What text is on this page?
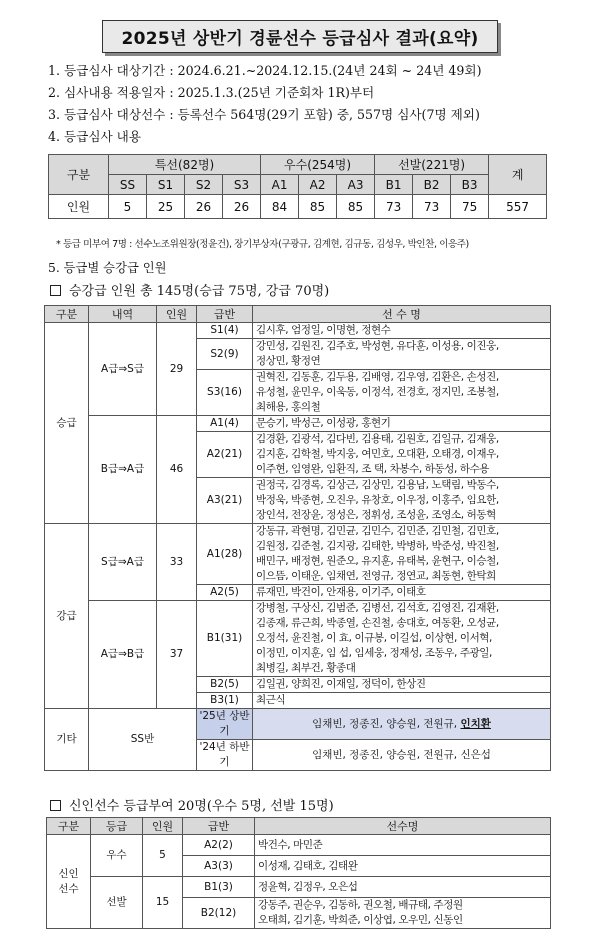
2025년 상반기 경륜선수 등급심사 결과(요약)
1. 등급심사 대상기간 : 2024.6.21.~2024.12.15.(24년 24회 ~ 24년 49회)
2. 심사내용 적용일자 : 2025.1.3.(25년 기준회차 1R)부터
3. 등급심사 대상선수 : 등록선수 564명(29기 포함) 중, 557명 심사(7명 제외)
4. 등급심사 내용
구분	특선(82명)				우수(254명)			선발(221명)			계
	SS	S1	S2	S3	A1	A2	A3	B1	B2	B3	
인원	5	25	26	26	84	85	85	73	73	75	557
* 등급 미부여 7명 : 선수노조위원장(정윤건), 장기부상자(구광규, 김계현, 김규동, 김성우, 박인찬, 이응주)
5. 등급별 승강급 인원
승강급 인원 총 145명(승급 75명, 강급 70명)
구분	내역	인원	급반	선 수 명
승급	A급⇒S급	29	S1(4)	김시후, 엄정일, 이명현, 정현수

			S2(9)	강민성, 김원진, 김주호, 박성현, 유다훈, 이성용, 이진웅,
정상민, 황정연

			S3(16)	권혁진, 김동훈, 김두용, 김배영, 김우영, 김환은, 손성진,
유성철, 윤민우, 이욱동, 이정석, 전경호, 정지민, 조봉철,
최해용, 홍의철

	B급⇒A급	46	A1(4)	문승기, 박성근, 이성광, 홍현기

			A2(21)	김경환, 김광석, 김다빈, 김용태, 김원호, 김일규, 김재웅,
김지훈, 김학철, 박지웅, 여민호, 오대환, 오태경, 이재우,
이주현, 임영완, 임환직, 조 택, 차봉수, 하동성, 하수용

			A3(21)	권정국, 김경록, 김상근, 김상민, 김용남, 노택림, 박동수,
박정욱, 박종현, 오진우, 유창호, 이우정, 이홍주, 임요한,
장인석, 전장윤, 정성은, 정휘성, 조성윤, 조영소, 허동혁

강급	S급⇒A급	33	A1(28)	강동규, 곽현명, 김민균, 김민수, 김민준, 김민철, 김민호,
김원정, 김준철, 김지광, 김태한, 박병하, 박준성, 박진철,
배민구, 배정현, 원준오, 유지훈, 유태복, 윤현구, 이승철,
이으뜸, 이태운, 임채연, 전영규, 정연교, 최동현, 한탁희

			A2(5)	류재민, 박건이, 안재용, 이기주, 이태호

	A급⇒B급	37	B1(31)	강병철, 구상신, 김범준, 김병선, 김석호, 김영진, 김재환,
김종재, 류근희, 박종열, 손진철, 송대호, 여동환, 오성균,
오정석, 윤진철, 이 효, 이규봉, 이길섭, 이상현, 이서혁,
이정민, 이지훈, 임 섭, 임세웅, 정재성, 조동우, 주광일,
최병길, 최부건, 황종대

			B2(5)	김일권, 양희진, 이재일, 정덕이, 한상진

			B3(1)	최근식

기타	SS반		'25년 상반기	임채빈, 정종진, 양승원, 전원규, 인치환
			'24년 하반기	임채빈, 정종진, 양승원, 전원규, 신은섭
신인선수 등급부여 20명(우수 5명, 선발 15명)
구분	등급	인원	급반	선수명
신인
선수	우수	5	A2(2)	박건수, 마민준

			A3(3)	이성재, 김태호, 김태완

	선발	15	B1(3)	정윤혁, 김정우, 오은섭

			B2(12)	강동주, 권순우, 김동하, 권오철, 배규태, 주정원
오태희, 김기훈, 박희준, 이상엽, 오우민, 신동인
